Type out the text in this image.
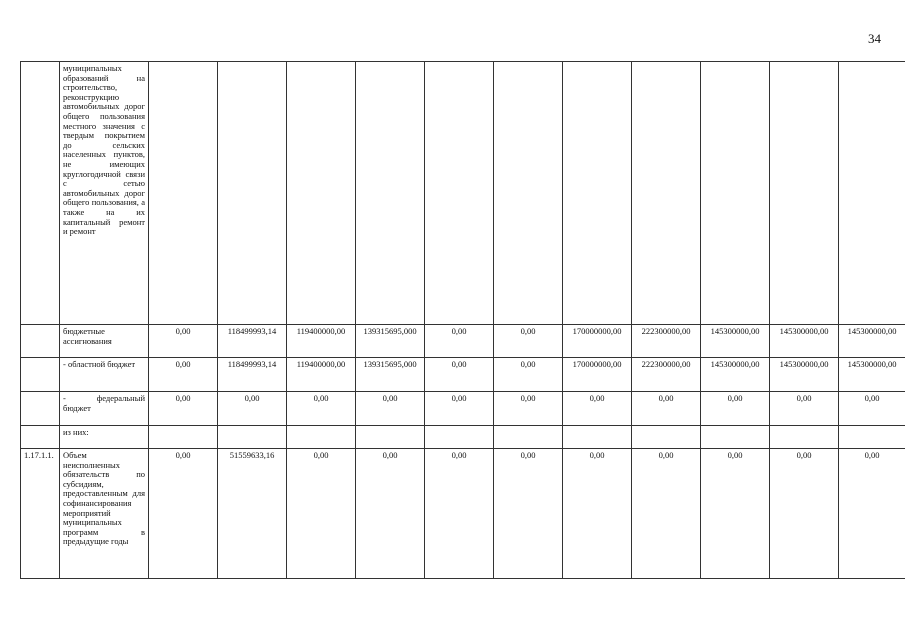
34
	муниципальных образований на строительство, реконструкцию автомобильных дорог общего пользования местного значения с твердым покрытием до сельских населенных пунктов, не имеющих круглогодичной связи с сетью автомобильных дорог общего пользования, а также на их капитальный ремонт и ремонт											
	бюджетные ассигнования	0,00	118499993,14	119400000,00	139315695,000	0,00	0,00	170000000,00	222300000,00	145300000,00	145300000,00	145300000,00
	- областной бюджет	0,00	118499993,14	119400000,00	139315695,000	0,00	0,00	170000000,00	222300000,00	145300000,00	145300000,00	145300000,00
	- федеральный бюджет	0,00	0,00	0,00	0,00	0,00	0,00	0,00	0,00	0,00	0,00	0,00
	из них:											
1.17.1.1.	Объем неисполненных обязательств по субсидиям, предоставленным для софинансирования мероприятий муниципальных программ в предыдущие годы	0,00	51559633,16	0,00	0,00	0,00	0,00	0,00	0,00	0,00	0,00	0,00
